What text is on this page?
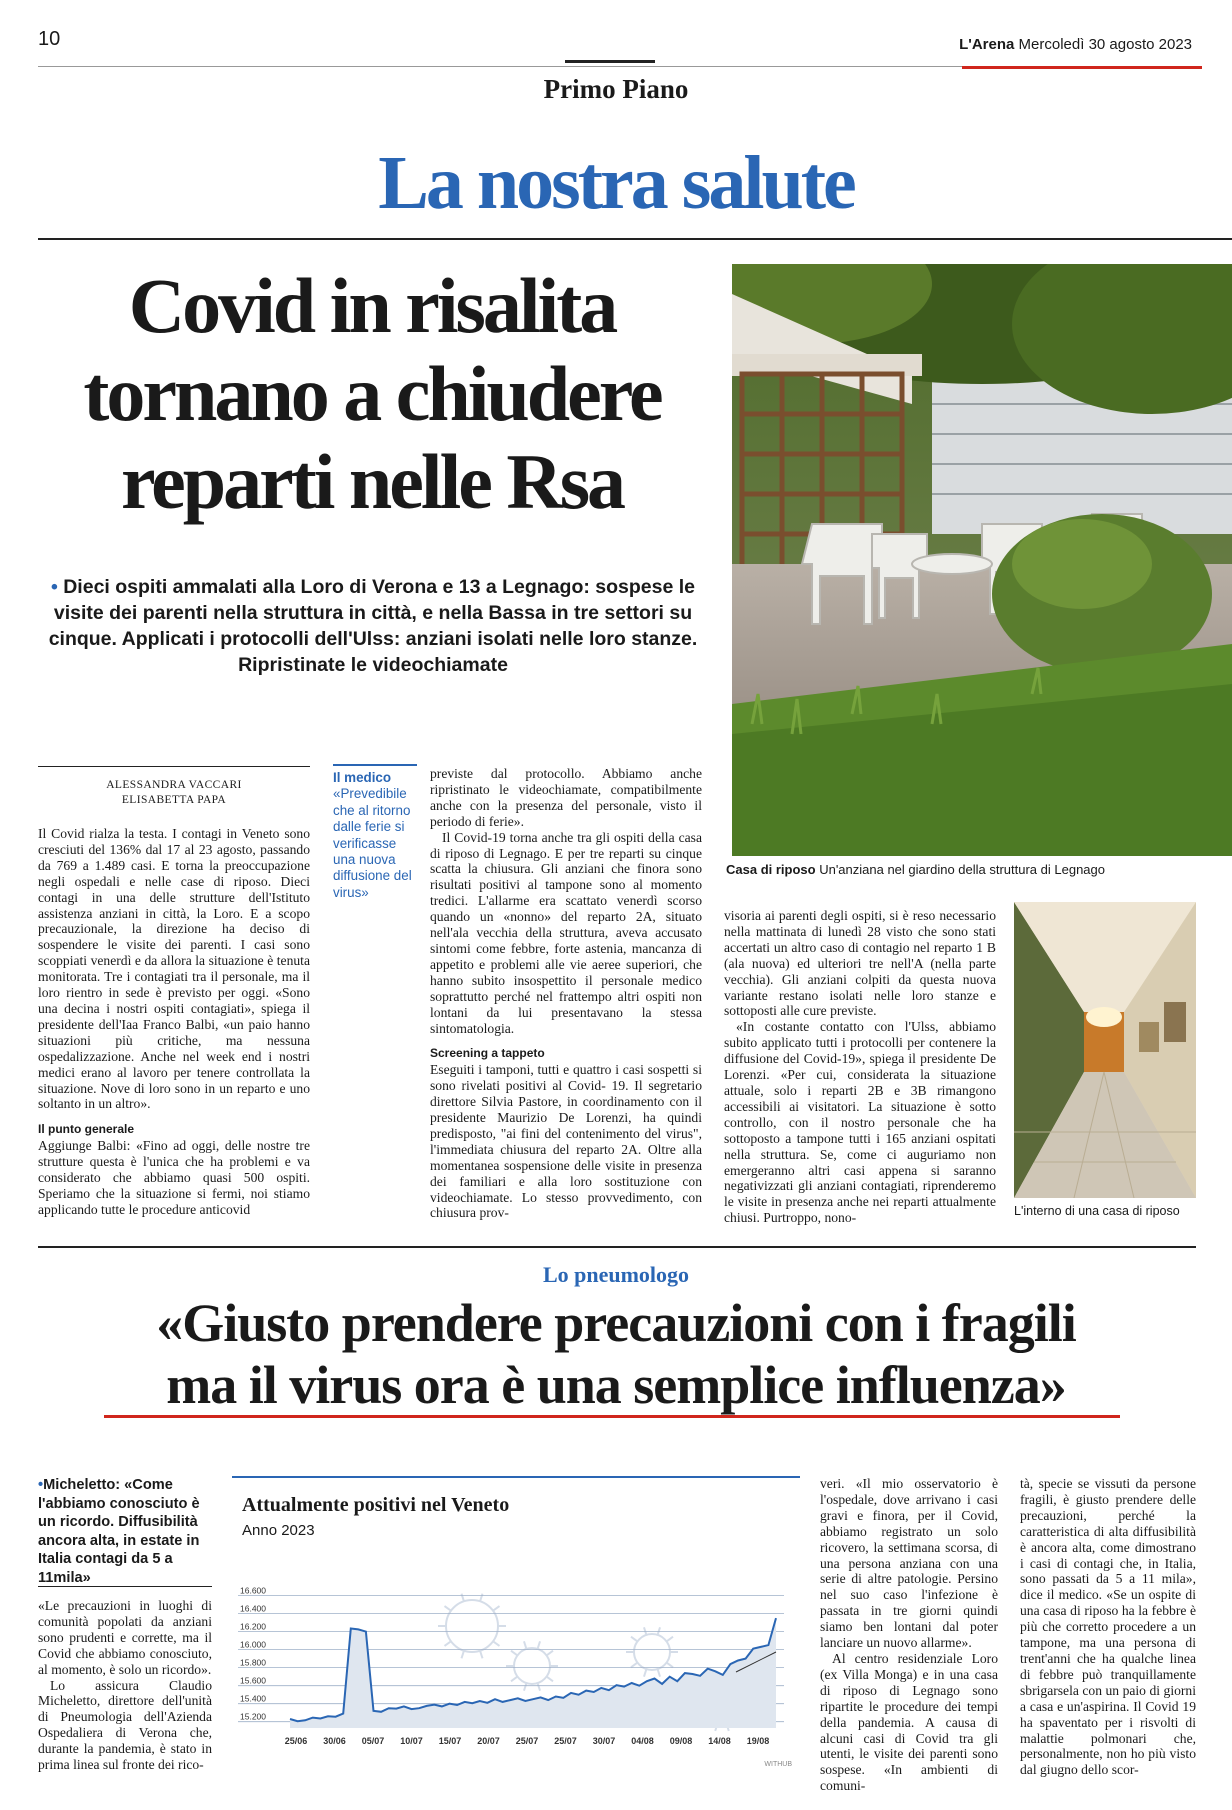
10	L'Arena Mercoledì 30 agosto 2023
Primo Piano
La nostra salute
Covid in risalita
tornano a chiudere
reparti nelle Rsa
• Dieci ospiti ammalati alla Loro di Verona e 13 a Legnago: sospese le visite dei parenti nella struttura in città, e nella Bassa in tre settori su cinque. Applicati i protocolli dell'Ulss: anziani isolati nelle loro stanze. Ripristinate le videochiamate
Casa di riposo Un'anziana nel giardino della struttura di Legnago
ALESSANDRA VACCARI
ELISABETTA PAPA

Il Covid rialza la testa. I contagi in Veneto sono cresciuti del 136% dal 17 al 23 agosto, passando da 769 a 1.489 casi. E torna la preoccupazione negli ospedali e nelle case di riposo. Dieci contagi in una delle strutture dell'Istituto assistenza anziani in città, la Loro. E a scopo precauzionale, la direzione ha deciso di sospendere le visite dei parenti. I casi sono scoppiati venerdì e da allora la situazione è tenuta monitorata. Tre i contagiati tra il personale, ma il loro rientro in sede è previsto per oggi. «Sono una decina i nostri ospiti contagiati», spiega il presidente dell'Iaa Franco Balbi, «un paio hanno situazioni più critiche, ma nessuna ospedalizzazione. Anche nel week end i nostri medici erano al lavoro per tenere controllata la situazione. Nove di loro sono in un reparto e uno soltanto in un altro».

Il punto generale

Aggiunge Balbi: «Fino ad oggi, delle nostre tre strutture questa è l'unica che ha problemi e va considerato che abbiamo quasi 500 ospiti. Speriamo che la situazione si fermi, noi stiamo applicando tutte le procedure anticovid

Il medico
«Prevedibile che al ritorno dalle ferie si verificasse una nuova diffusione del virus»

previste dal protocollo. Abbiamo anche ripristinato le videochiamate, compatibilmente anche con la presenza del personale, visto il periodo di ferie».

Il Covid-19 torna anche tra gli ospiti della casa di riposo di Legnago. E per tre reparti su cinque scatta la chiusura. Gli anziani che finora sono risultati positivi al tampone sono al momento tredici. L'allarme era scattato venerdì scorso quando un «nonno» del reparto 2A, situato nell'ala vecchia della struttura, aveva accusato sintomi come febbre, forte astenia, mancanza di appetito e problemi alle vie aeree superiori, che hanno subito insospettito il personale medico soprattutto perché nel frattempo altri ospiti non lontani da lui presentavano la stessa sintomatologia.

Screening a tappeto

Eseguiti i tamponi, tutti e quattro i casi sospetti si sono rivelati positivi al Covid- 19. Il segretario direttore Silvia Pastore, in coordinamento con il presidente Maurizio De Lorenzi, ha quindi predisposto, "ai fini del contenimento del virus", l'immediata chiusura del reparto 2A. Oltre alla momentanea sospensione delle visite in presenza dei familiari e alla loro sostituzione con videochiamate. Lo stesso provvedimento, con chiusura prov-

visoria ai parenti degli ospiti, si è reso necessario nella mattinata di lunedì 28 visto che sono stati accertati un altro caso di contagio nel reparto 1 B (ala nuova) ed ulteriori tre nell'A (nella parte vecchia). Gli anziani colpiti da questa nuova variante restano isolati nelle loro stanze e sottoposti alle cure previste.

«In costante contatto con l'Ulss, abbiamo subito applicato tutti i protocolli per contenere la diffusione del Covid-19», spiega il presidente De Lorenzi. «Per cui, considerata la situazione attuale, solo i reparti 2B e 3B rimangono accessibili ai visitatori. La situazione è sotto controllo, con il nostro personale che ha sottoposto a tampone tutti i 165 anziani ospitati nella struttura. Se, come ci auguriamo non emergeranno altri casi appena si saranno negativizzati gli anziani contagiati, riprenderemo le visite in presenza anche nei reparti attualmente chiusi. Purtroppo, nono-	L'interno di una casa di riposo
Lo pneumologo
«Giusto prendere precauzioni con i fragili
ma il virus ora è una semplice influenza»
•Micheletto: «Come l'abbiamo conosciuto è un ricordo. Diffusibilità ancora alta, in estate in Italia contagi da 5 a 11mila»

«Le precauzioni in luoghi di comunità popolati da anziani sono prudenti e corrette, ma il Covid che abbiamo conosciuto, al momento, è solo un ricordo».

Lo assicura Claudio Micheletto, direttore dell'unità di Pneumologia dell'Azienda Ospedaliera di Verona che, durante la pandemia, è stato in prima linea sul fronte dei rico-

veri. «Il mio osservatorio è l'ospedale, dove arrivano i casi gravi e finora, per il Covid, abbiamo registrato un solo ricovero, la settimana scorsa, di una persona anziana con una serie di altre patologie. Persino nel suo caso l'infezione è passata in tre giorni quindi siamo ben lontani dal poter lanciare un nuovo allarme».

Al centro residenziale Loro (ex Villa Monga) e in una casa di riposo di Legnago sono ripartite le procedure dei tempi della pandemia. A causa di alcuni casi di Covid tra gli utenti, le visite dei parenti sono sospese. «In ambienti di comuni-

tà, specie se vissuti da persone fragili, è giusto prendere delle precauzioni, perché la caratteristica di alta diffusibilità è ancora alta, come dimostrano i casi di contagi che, in Italia, sono passati da 5 a 11 mila», dice il medico. «Se un ospite di una casa di riposo ha la febbre è più che corretto procedere a un tampone, ma una persona di trent'anni che ha qualche linea di febbre può tranquillamente sbrigarsela con un paio di giorni a casa e un'aspirina. Il Covid 19 ha spaventato per i risvolti di malattie polmonari che, personalmente, non ho più visto dal giugno dello scor-

Attualmente positivi nel Veneto
Anno 2023
15.200
15.400
15.600
15.800
16.000
16.200
16.400
16.600
25/06 30/06 05/07 10/07 15/07 20/07 25/07 25/07 30/07 04/08 09/08 14/08 19/08
WITHUB
